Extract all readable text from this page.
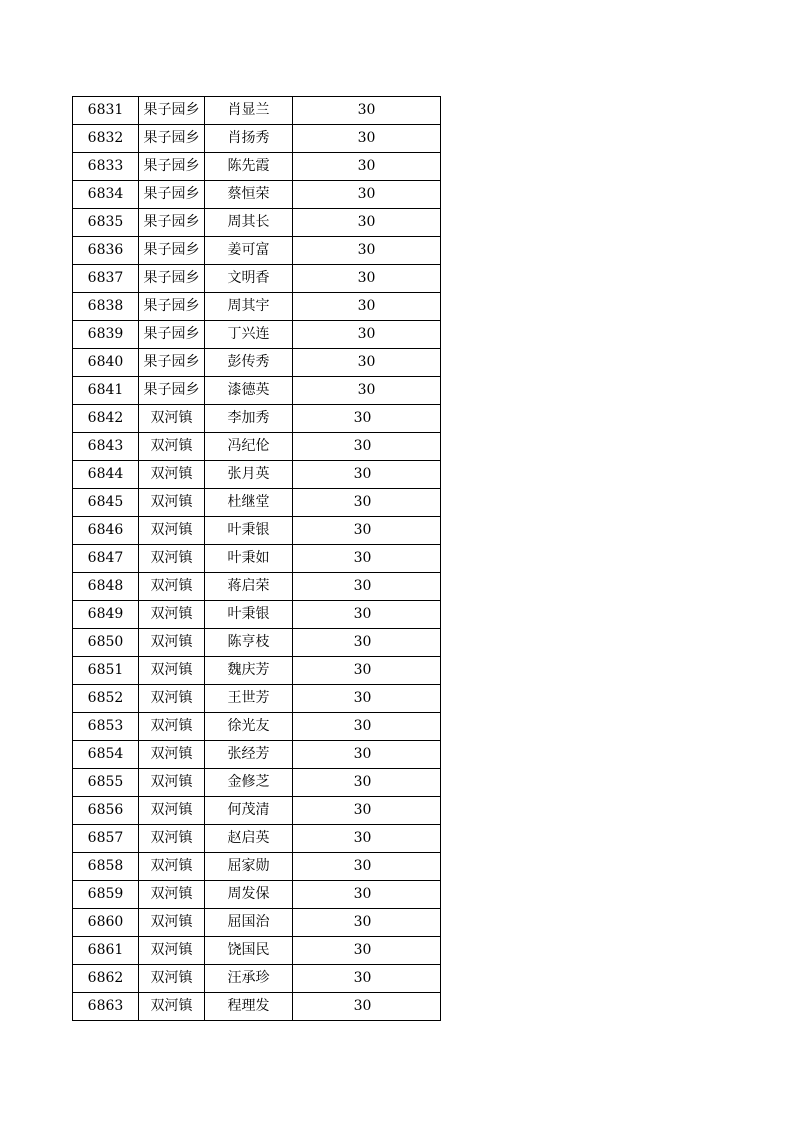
6831	果子园乡	肖显兰	30
6832	果子园乡	肖扬秀	30
6833	果子园乡	陈先霞	30
6834	果子园乡	蔡恒荣	30
6835	果子园乡	周其长	30
6836	果子园乡	姜可富	30
6837	果子园乡	文明香	30
6838	果子园乡	周其宇	30
6839	果子园乡	丁兴连	30
6840	果子园乡	彭传秀	30
6841	果子园乡	漆德英	30
6842	双河镇	李加秀	30
6843	双河镇	冯纪伦	30
6844	双河镇	张月英	30
6845	双河镇	杜继堂	30
6846	双河镇	叶秉银	30
6847	双河镇	叶秉如	30
6848	双河镇	蒋启荣	30
6849	双河镇	叶秉银	30
6850	双河镇	陈亨枝	30
6851	双河镇	魏庆芳	30
6852	双河镇	王世芳	30
6853	双河镇	徐光友	30
6854	双河镇	张经芳	30
6855	双河镇	金修芝	30
6856	双河镇	何茂清	30
6857	双河镇	赵启英	30
6858	双河镇	屈家勋	30
6859	双河镇	周发保	30
6860	双河镇	屈国治	30
6861	双河镇	饶国民	30
6862	双河镇	汪承珍	30
6863	双河镇	程理发	30
